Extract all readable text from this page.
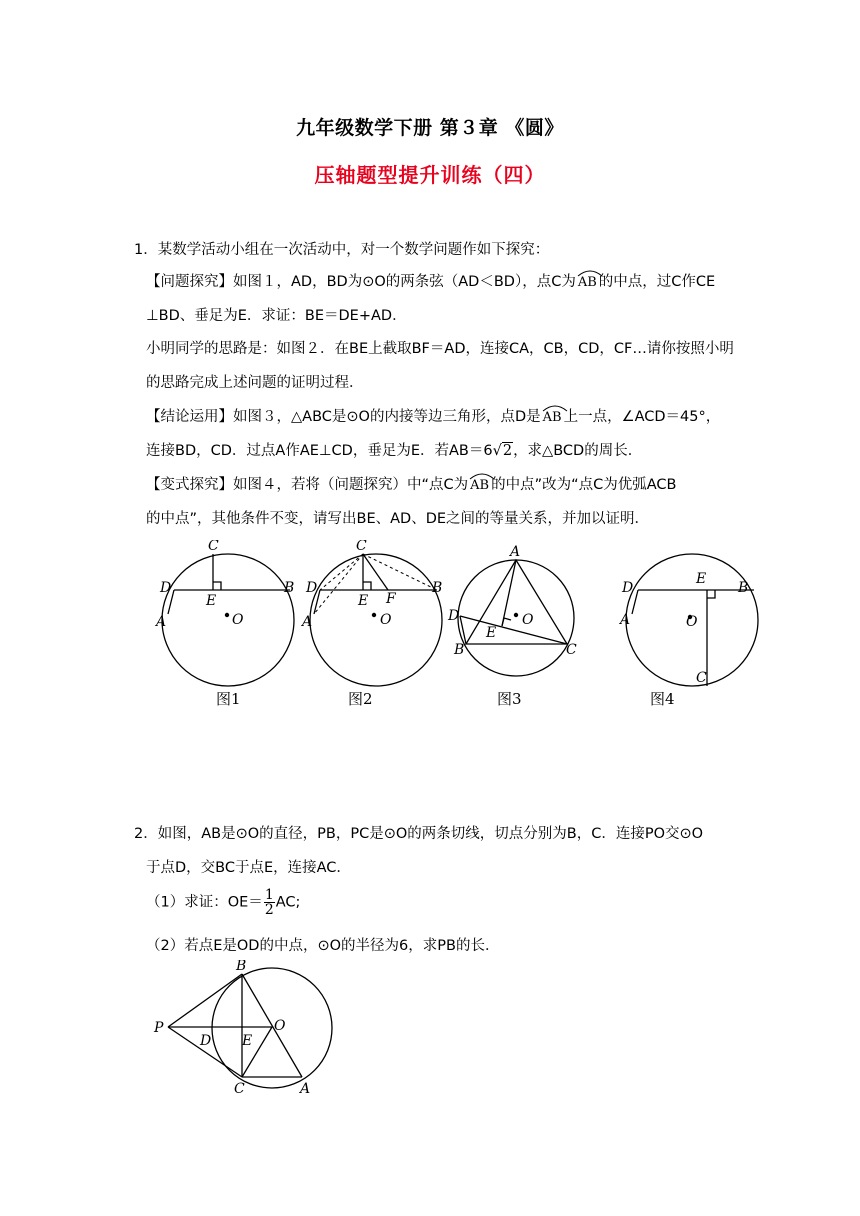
九年级数学下册 第３章 《圆》
压轴题型提升训练（四）
1．某数学活动小组在一次活动中，对一个数学问题作如下探究：
【问题探究】如图１，AD，BD为⊙O的两条弦（AD＜BD），点C为 AB 的中点，过C作CE
⊥BD、垂足为E．求证：BE＝DE+AD．
小明同学的思路是：如图２．在BE上截取BF＝AD，连接CA，CB，CD，CF…请你按照小明
的思路完成上述问题的证明过程．
【结论运用】如图３，△ABC是⊙O的内接等边三角形，点D是 AB 上一点，∠ACD＝45°，
连接BD，CD．过点A作AE⊥CD，垂足为E．若AB＝6√2，求△BCD的周长．
【变式探究】如图４，若将（问题探究）中“点C为 AB 的中点”改为“点C为优弧ACB
的中点”，其他条件不变，请写出BE、AD、DE之间的等量关系，并加以证明．
C
D	B
E
A	O
C
D	B
E F
A	O
A
D
B
E
O
C
D
E
B
A	O
C
图1	图2	图3	图4
2．如图，AB是⊙O的直径，PB，PC是⊙O的两条切线，切点分别为B，C．连接PO交⊙O
于点D，交BC于点E，连接AC．
（1）求证：$OE= \frac{1}{2}$ AC;
（2）若点E是OD的中点，⊙O的半径为6，求PB的长．
B
P
D E
O
C	A
